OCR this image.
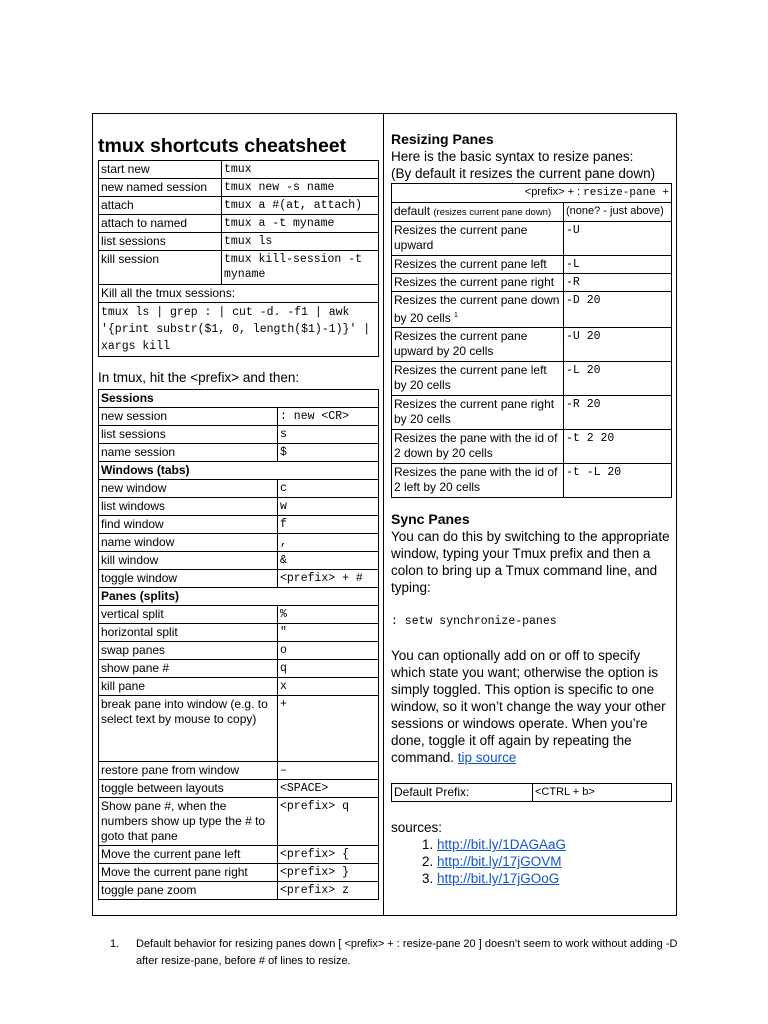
tmux shortcuts cheatsheet
start new	tmux
new named session	tmux new -s name
attach	tmux a #(at, attach)
attach to named	tmux a -t myname
list sessions	tmux ls
kill session	tmux kill-session -t myname

Kill all the tmux sessions:
tmux ls | grep : | cut -d. -f1 | awk '{print substr($1, 0, length($1)-1)}' | xargs kill	

In tmux, hit the <prefix> and then:

Sessions	
new session	: new <CR>
list sessions	s
name session	$
Windows (tabs)	
new window	c
list windows	w
find window	f
name window	,
kill window	&
toggle window	<prefix> + #
Panes (splits)	
vertical split	%
horizontal split	"
swap panes	o
show pane #	q
kill pane	x
break pane into window (e.g. to select text by mouse to copy)	+
restore pane from window	–
toggle between layouts	<SPACE>
Show pane #, when the numbers show up type the # to goto that pane	<prefix> q
Move the current pane left	<prefix> {
Move the current pane right	<prefix> }
toggle pane zoom	<prefix> z
Resizing Panes

Here is the basic syntax to resize panes:

(By default it resizes the current pane down)

<prefix> + : resize-pane +	
default (resizes current pane down)	(none? - just above)
Resizes the current pane upward	-U
Resizes the current pane left	-L
Resizes the current pane right	-R
Resizes the current pane down by 20 cells $^1$	-D 20
Resizes the current pane upward by 20 cells	-U 20
Resizes the current pane left by 20 cells	-L 20
Resizes the current pane right by 20 cells	-R 20
Resizes the pane with the id of 2 down by 20 cells	-t 2 20
Resizes the pane with the id of 2 left by 20 cells	-t -L 20
Sync Panes

You can do this by switching to the appropriate window, typing your Tmux prefix and then a colon to bring up a Tmux command line, and typing:

: setw synchronize-panes

You can optionally add on or off to specify which state you want; otherwise the option is simply toggled. This option is specific to one window, so it won’t change the way your other sessions or windows operate. When you’re done, toggle it off again by repeating the command. tip source

Default Prefix:	<CTRL + b>

sources:

1. http://bit.ly/1DAGAaG
2. http://bit.ly/17jGOVM
3. http://bit.ly/17jGOoG
1. Default behavior for resizing panes down [ <prefix> + : resize-pane 20 ] doesn’t seem to work without adding -D after resize-pane, before # of lines to resize.
